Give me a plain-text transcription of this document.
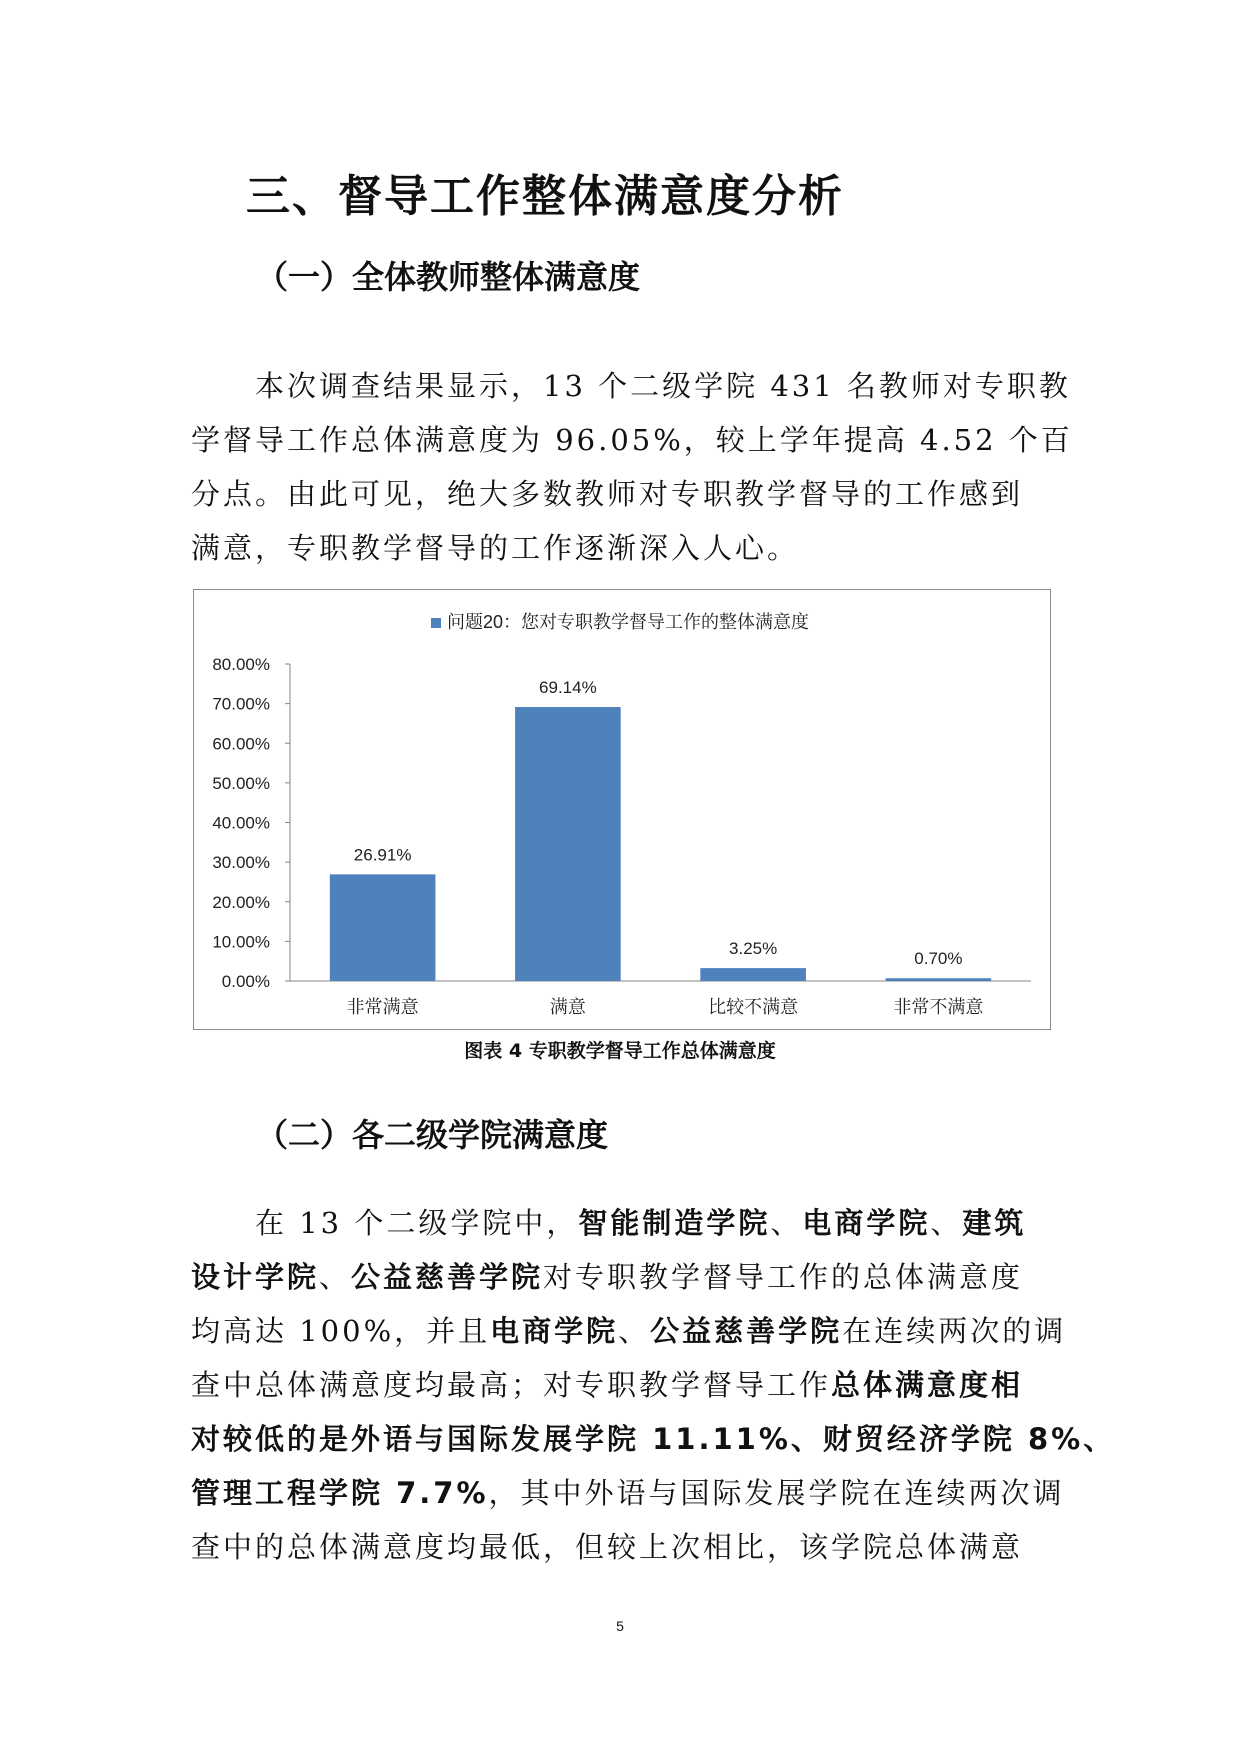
三、督导工作整体满意度分析
（一）全体教师整体满意度
　　本次调查结果显示，13 个二级学院 431 名教师对专职教
学督导工作总体满意度为 96.05%，较上学年提高 4.52 个百
分点。由此可见，绝大多数教师对专职教学督导的工作感到
满意，专职教学督导的工作逐渐深入人心。
问题20：您对专职教学督导工作的整体满意度
0.00%
10.00%
20.00%
30.00%
40.00%
50.00%
60.00%
70.00%
80.00%
26.91%
非常满意
69.14%
满意
3.25%
比较不满意
0.70%
非常不满意
图表 4 专职教学督导工作总体满意度
（二）各二级学院满意度
　　在 13 个二级学院中，智能制造学院、电商学院、建筑
设计学院、公益慈善学院对专职教学督导工作的总体满意度
均高达 100%，并且电商学院、公益慈善学院在连续两次的调
查中总体满意度均最高；对专职教学督导工作总体满意度相
对较低的是外语与国际发展学院 11.11%、财贸经济学院 8%、
管理工程学院 7.7%，其中外语与国际发展学院在连续两次调
查中的总体满意度均最低，但较上次相比，该学院总体满意
5
